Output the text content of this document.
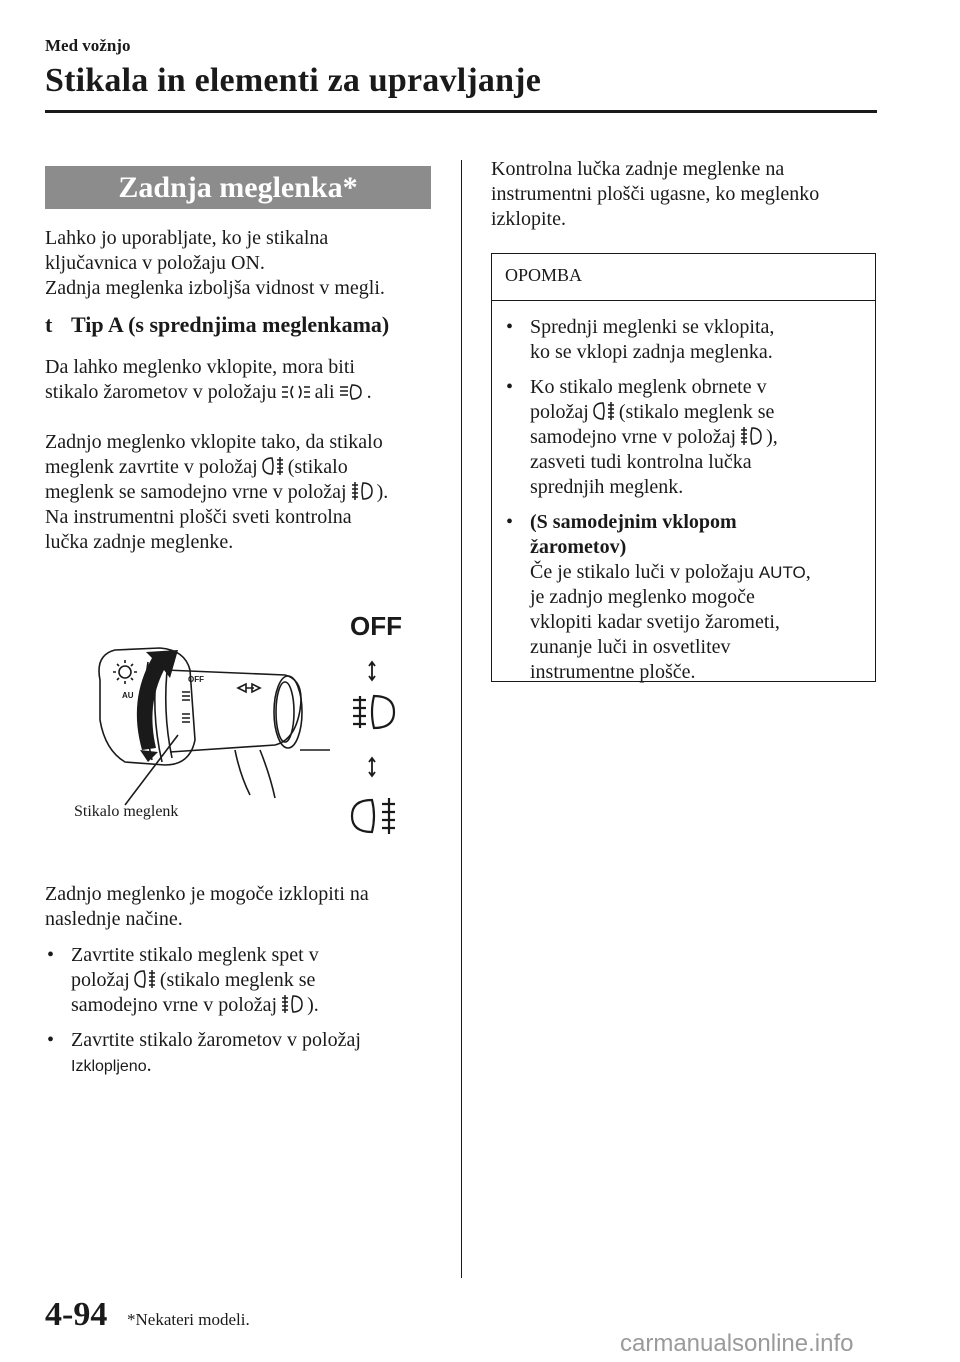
Med vožnjo
Stikala in elementi za upravljanje
Zadnja meglenka*
Lahko jo uporabljate, ko je stikalna
ključavnica v položaju ON.
Zadnja meglenka izboljša vidnost v megli.
t Tip A (s sprednjima meglenkama)
Da lahko meglenko vklopite, mora biti
stikalo žarometov v položaju ali .
Zadnjo meglenko vklopite tako, da stikalo
meglenk zavrtite v položaj (stikalo
meglenk se samodejno vrne v položaj ).
Na instrumentni plošči sveti kontrolna
lučka zadnje meglenke.
OFF
AU
OFF
Stikalo meglenk
Zadnjo meglenko je mogoče izklopiti na
naslednje načine.
• Zavrtite stikalo meglenk spet v
položaj (stikalo meglenk se
samodejno vrne v položaj ).
• Zavrtite stikalo žarometov v položaj
Izklopljeno.
Kontrolna lučka zadnje meglenke na
instrumentni plošči ugasne, ko meglenko
izklopite.
OPOMBA
• Sprednji meglenki se vklopita,
ko se vklopi zadnja meglenka.
• Ko stikalo meglenk obrnete v
položaj (stikalo meglenk se
samodejno vrne v položaj ),
zasveti tudi kontrolna lučka
sprednjih meglenk.
• (S samodejnim vklopom
žarometov)
Če je stikalo luči v položaju AUTO,
je zadnjo meglenko mogoče
vklopiti kadar svetijo žarometi,
zunanje luči in osvetlitev
instrumentne plošče.
4-94 *Nekateri modeli.
carmanualsonline.info
